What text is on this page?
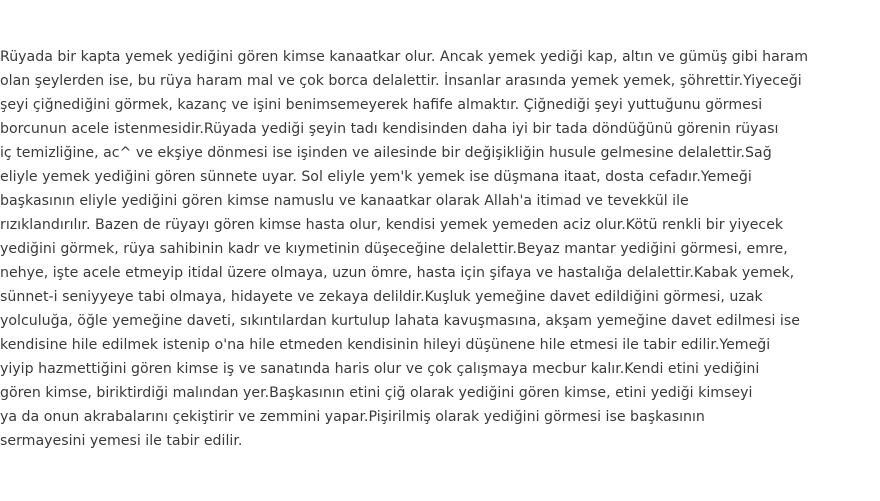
Rüyada bir kapta yemek yediğini gören kimse kanaatkar olur. Ancak yemek yediği kap, altın ve gümüş gibi haram
olan şeylerden ise, bu rüya haram mal ve çok borca delalettir. İnsanlar arasında yemek yemek, şöhrettir.Yiyeceği
şeyi çiğnediğini görmek, kazanç ve işini benimsemeyerek hafife almaktır. Çiğnediği şeyi yuttuğunu görmesi
borcunun acele istenmesidir.Rüyada yediği şeyin tadı kendisinden daha iyi bir tada döndüğünü görenin rüyası
iç temizliğine, ac^ ve ekşiye dönmesi ise işinden ve ailesinde bir değişikliğin husule gelmesine delalettir.Sağ
eliyle yemek yediğini gören sünnete uyar. Sol eliyle yem'k yemek ise düşmana itaat, dosta cefadır.Yemeği
başkasının eliyle yediğini gören kimse namuslu ve kanaatkar olarak Allah'a itimad ve tevekkül ile
rızıklandırılır. Bazen de rüyayı gören kimse hasta olur, kendisi yemek yemeden aciz olur.Kötü renkli bir yiyecek
yediğini görmek, rüya sahibinin kadr ve kıymetinin düşeceğine delalettir.Beyaz mantar yediğini görmesi, emre,
nehye, işte acele etmeyip itidal üzere olmaya, uzun ömre, hasta için şifaya ve hastalığa delalettir.Kabak yemek,
sünnet-i seniyyeye tabi olmaya, hidayete ve zekaya delildir.Kuşluk yemeğine davet edildiğini görmesi, uzak
yolculuğa, öğle yemeğine daveti, sıkıntılardan kurtulup lahata kavuşmasına, akşam yemeğine davet edilmesi ise
kendisine hile edilmek istenip o'na hile etmeden kendisinin hileyi düşünene hile etmesi ile tabir edilir.Yemeği
yiyip hazmettiğini gören kimse iş ve sanatında haris olur ve çok çalışmaya mecbur kalır.Kendi etini yediğini
gören kimse, biriktirdiği malından yer.Başkasının etini çiğ olarak yediğini gören kimse, etini yediği kimseyi
ya da onun akrabalarını çekiştirir ve zemmini yapar.Pişirilmiş olarak yediğini görmesi ise başkasının
sermayesini yemesi ile tabir edilir.
